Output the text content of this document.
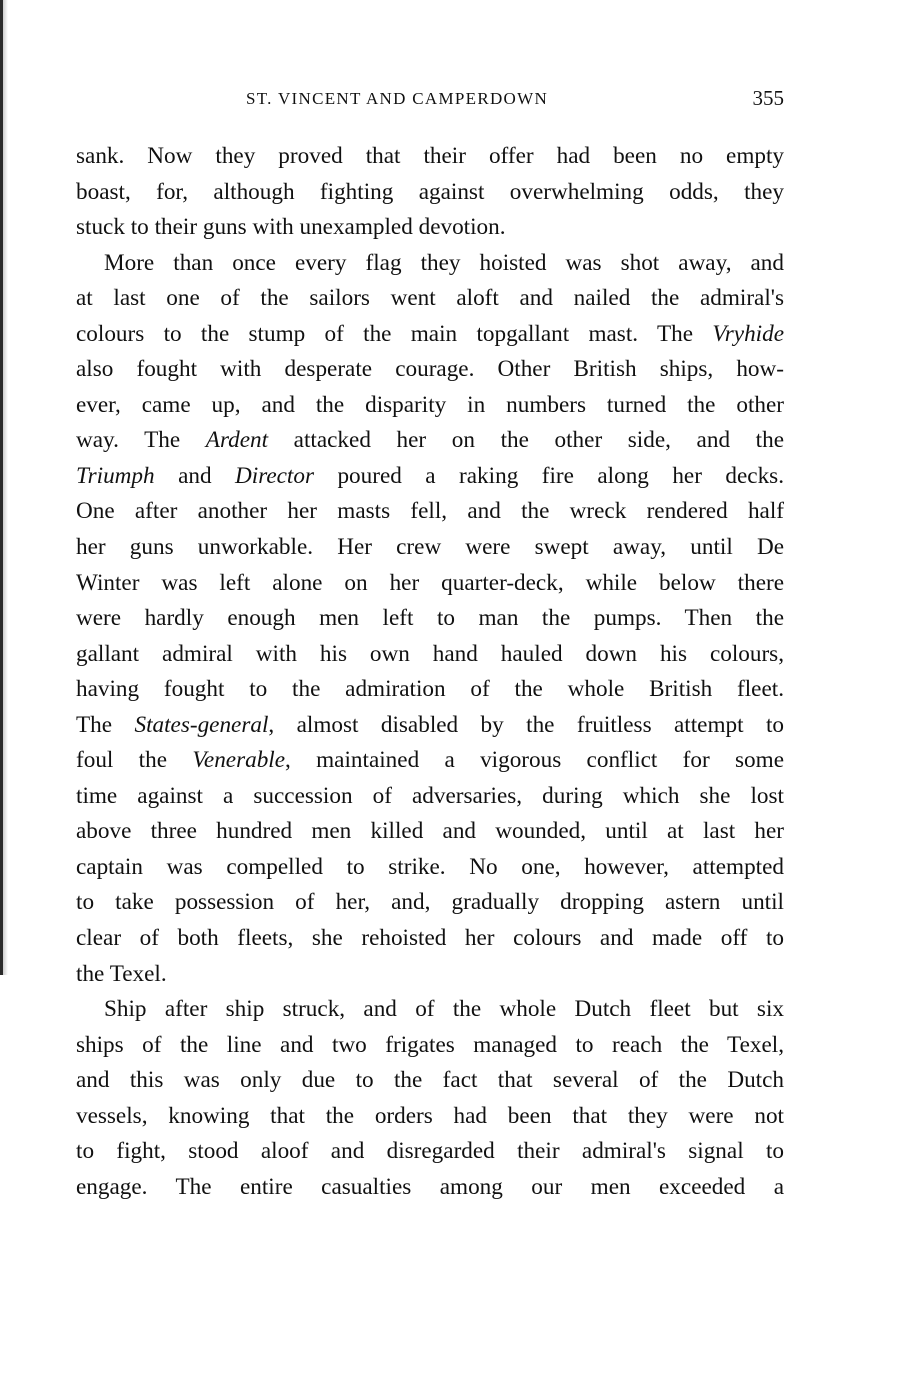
ST. VINCENT AND CAMPERDOWN	355
sank. Now they proved that their offer had been no empty
boast, for, although fighting against overwhelming odds, they
stuck to their guns with unexampled devotion.
More than once every flag they hoisted was shot away, and
at last one of the sailors went aloft and nailed the admiral's
colours to the stump of the main topgallant mast. The Vryhide
also fought with desperate courage. Other British ships, how-
ever, came up, and the disparity in numbers turned the other
way. The Ardent attacked her on the other side, and the
Triumph and Director poured a raking fire along her decks.
One after another her masts fell, and the wreck rendered half
her guns unworkable. Her crew were swept away, until De
Winter was left alone on her quarter-deck, while below there
were hardly enough men left to man the pumps. Then the
gallant admiral with his own hand hauled down his colours,
having fought to the admiration of the whole British fleet.
The States-general, almost disabled by the fruitless attempt to
foul the Venerable, maintained a vigorous conflict for some
time against a succession of adversaries, during which she lost
above three hundred men killed and wounded, until at last her
captain was compelled to strike. No one, however, attempted
to take possession of her, and, gradually dropping astern until
clear of both fleets, she rehoisted her colours and made off to
the Texel.
Ship after ship struck, and of the whole Dutch fleet but six
ships of the line and two frigates managed to reach the Texel,
and this was only due to the fact that several of the Dutch
vessels, knowing that the orders had been that they were not
to fight, stood aloof and disregarded their admiral's signal to
engage. The entire casualties among our men exceeded a
